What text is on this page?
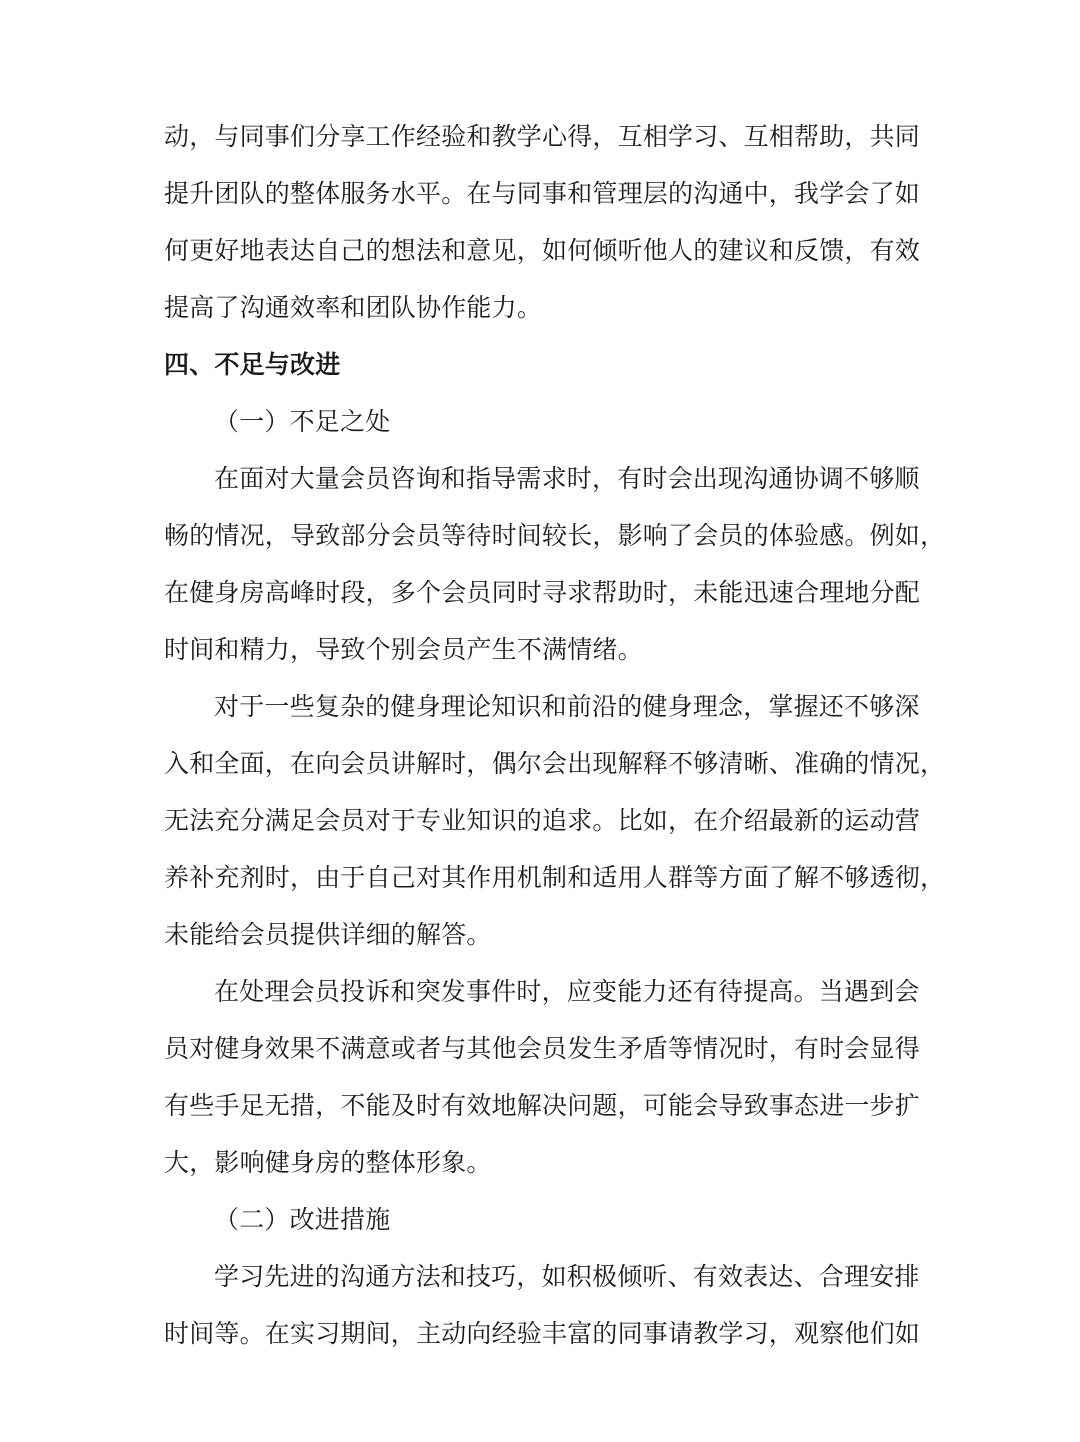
动，与同事们分享工作经验和教学心得，互相学习、互相帮助，共同
提升团队的整体服务水平。在与同事和管理层的沟通中，我学会了如
何更好地表达自己的想法和意见，如何倾听他人的建议和反馈，有效
提高了沟通效率和团队协作能力。
四、不足与改进
（一）不足之处
在面对大量会员咨询和指导需求时，有时会出现沟通协调不够顺
畅的情况，导致部分会员等待时间较长，影响了会员的体验感。例如，
在健身房高峰时段，多个会员同时寻求帮助时，未能迅速合理地分配
时间和精力，导致个别会员产生不满情绪。
对于一些复杂的健身理论知识和前沿的健身理念，掌握还不够深
入和全面，在向会员讲解时，偶尔会出现解释不够清晰、准确的情况，
无法充分满足会员对于专业知识的追求。比如，在介绍最新的运动营
养补充剂时，由于自己对其作用机制和适用人群等方面了解不够透彻，
未能给会员提供详细的解答。
在处理会员投诉和突发事件时，应变能力还有待提高。当遇到会
员对健身效果不满意或者与其他会员发生矛盾等情况时，有时会显得
有些手足无措，不能及时有效地解决问题，可能会导致事态进一步扩
大，影响健身房的整体形象。
（二）改进措施
学习先进的沟通方法和技巧，如积极倾听、有效表达、合理安排
时间等。在实习期间，主动向经验丰富的同事请教学习，观察他们如
